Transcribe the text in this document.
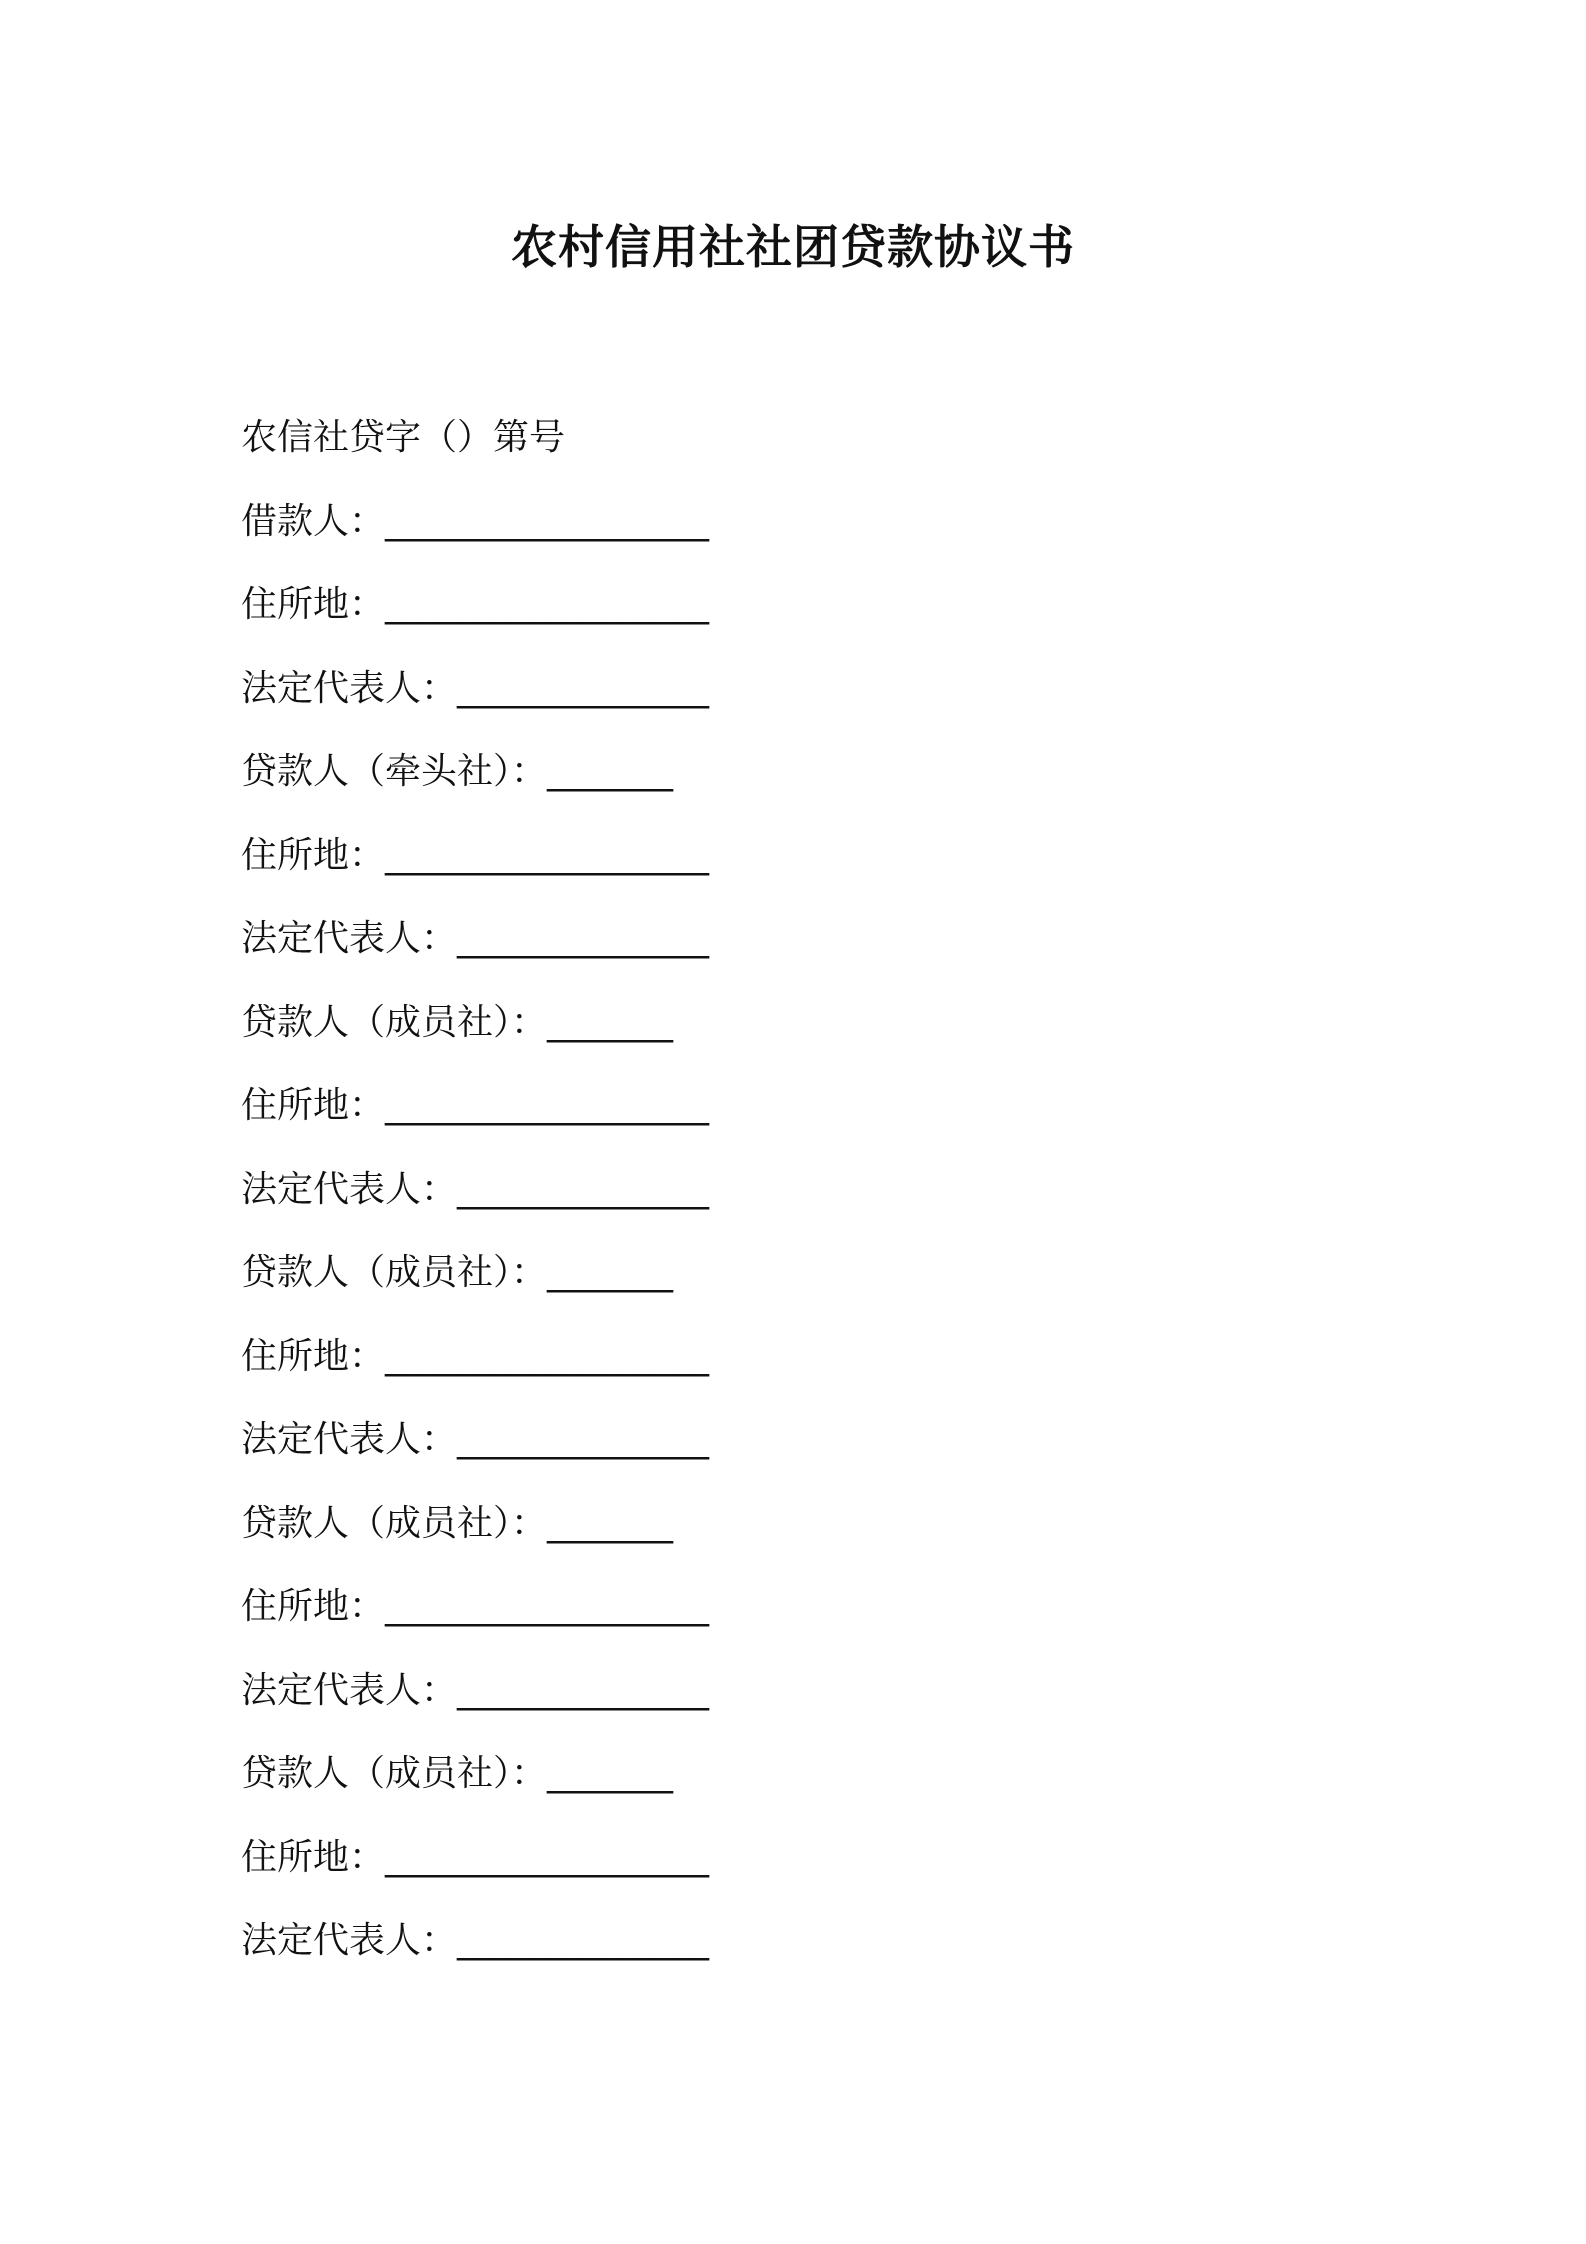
农村信用社社团贷款协议书
农信社贷字（）第号
借款人：__________________
住所地：__________________
法定代表人：______________
贷款人（牵头社）：_______
住所地：__________________
法定代表人：______________
贷款人（成员社）：_______
住所地：__________________
法定代表人：______________
贷款人（成员社）：_______
住所地：__________________
法定代表人：______________
贷款人（成员社）：_______
住所地：__________________
法定代表人：______________
贷款人（成员社）：_______
住所地：__________________
法定代表人：______________
